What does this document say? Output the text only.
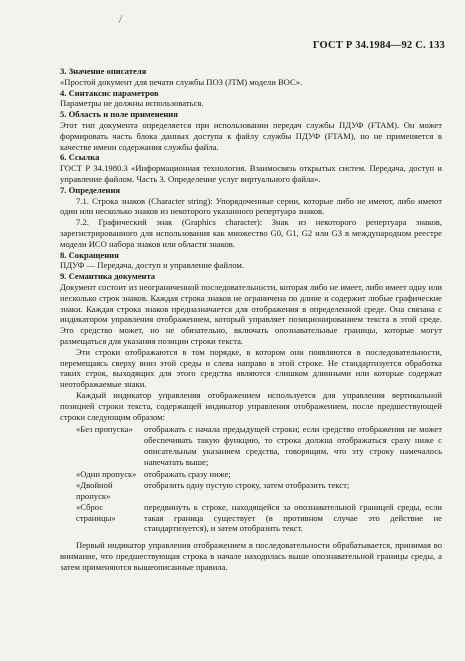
ГОСТ Р 34.1984—92 С. 133

3. Значение описателя

«Простой документ для печати службы ПОЗ (JTM) модели ВОС».

4. Синтаксис параметров

Параметры не должны использоваться.

5. Область и поле применения

Этот тип документа определяется при использовании передач службы ПДУФ (FTAM). Он может формировать часть блока данных доступа к файлу службы ПДУФ (FTAM), но не применяется в качестве имени содержания службы файла.

6. Ссылка

ГОСТ Р 34.1980.3 «Информационная технология. Взаимосвязь открытых систем. Передача, доступ и управление файлом. Часть 3. Определение услуг виртуального файла».

7. Определения

7.1. Строка знаков (Character string): Упорядоченные серии, которые либо не имеют, либо имеют один или несколько знаков из некоторого указанного репертуара знаков.

7.2. Графический знак (Graphics character): Знак из некоторого репертуара знаков, зарегистрированного для использования как множество G0, G1, G2 или G3 в международном реестре модели ИСО набора знаков или области знаков.

8. Сокращения

ПДУФ — Передача, доступ и управление файлом.

9. Семантика документа

Документ состоит из неограниченной последовательности, которая либо не имеет, либо имеет одну или несколько строк знаков. Каждая строка знаков не ограничена по длине и содержит любые графические знаки. Каждая строка знаков предназначается для отображения в определенной среде. Она связана с индикатором управления отображением, который управляет позиционированием текста в этой среде. Это средство может, но не обязательно, включать опознавательные границы, которые могут размещаться для указания позиции строки текста.

Эти строки отображаются в том порядке, в котором они появляются в последовательности, перемещаясь сверху вниз этой среды и слева направо в этой строке. Не стандартизуется обработка таких строк, выходящих для этого средства являются слишком длинными или которые содержат неотображаемые знаки.

Каждый индикатор управления отображением используется для управления вертикальной позицией строки текста, содержащей индикатор управления отображением, после предшествующей строки следующим образом:

«Без пропуска»	отображать с начала предыдущей строки; если средство отображения не может обеспечивать такую функцию, то строка должна отображаться сразу ниже с описательным указанием средства, говорящим, что эту строку намечалось напечатать выше;
«Один пропуск» отображать сразу ниже;
«Двойной пропуск»
отобразить одну пустую строку, затем отобразить текст;
«Сброс страницы»
передвинуть к строке, находящейся за опознавательной границей среды, если такая граница существует (в противном случае это действие не стандартизуется), и затем отобразить текст.

Первый индикатор управления отображением в последовательности обрабатывается, принимая во внимание, что предшествующая строка в начале находилась выше опознавательной границы среды, а затем применяются вышеописанные правила.
